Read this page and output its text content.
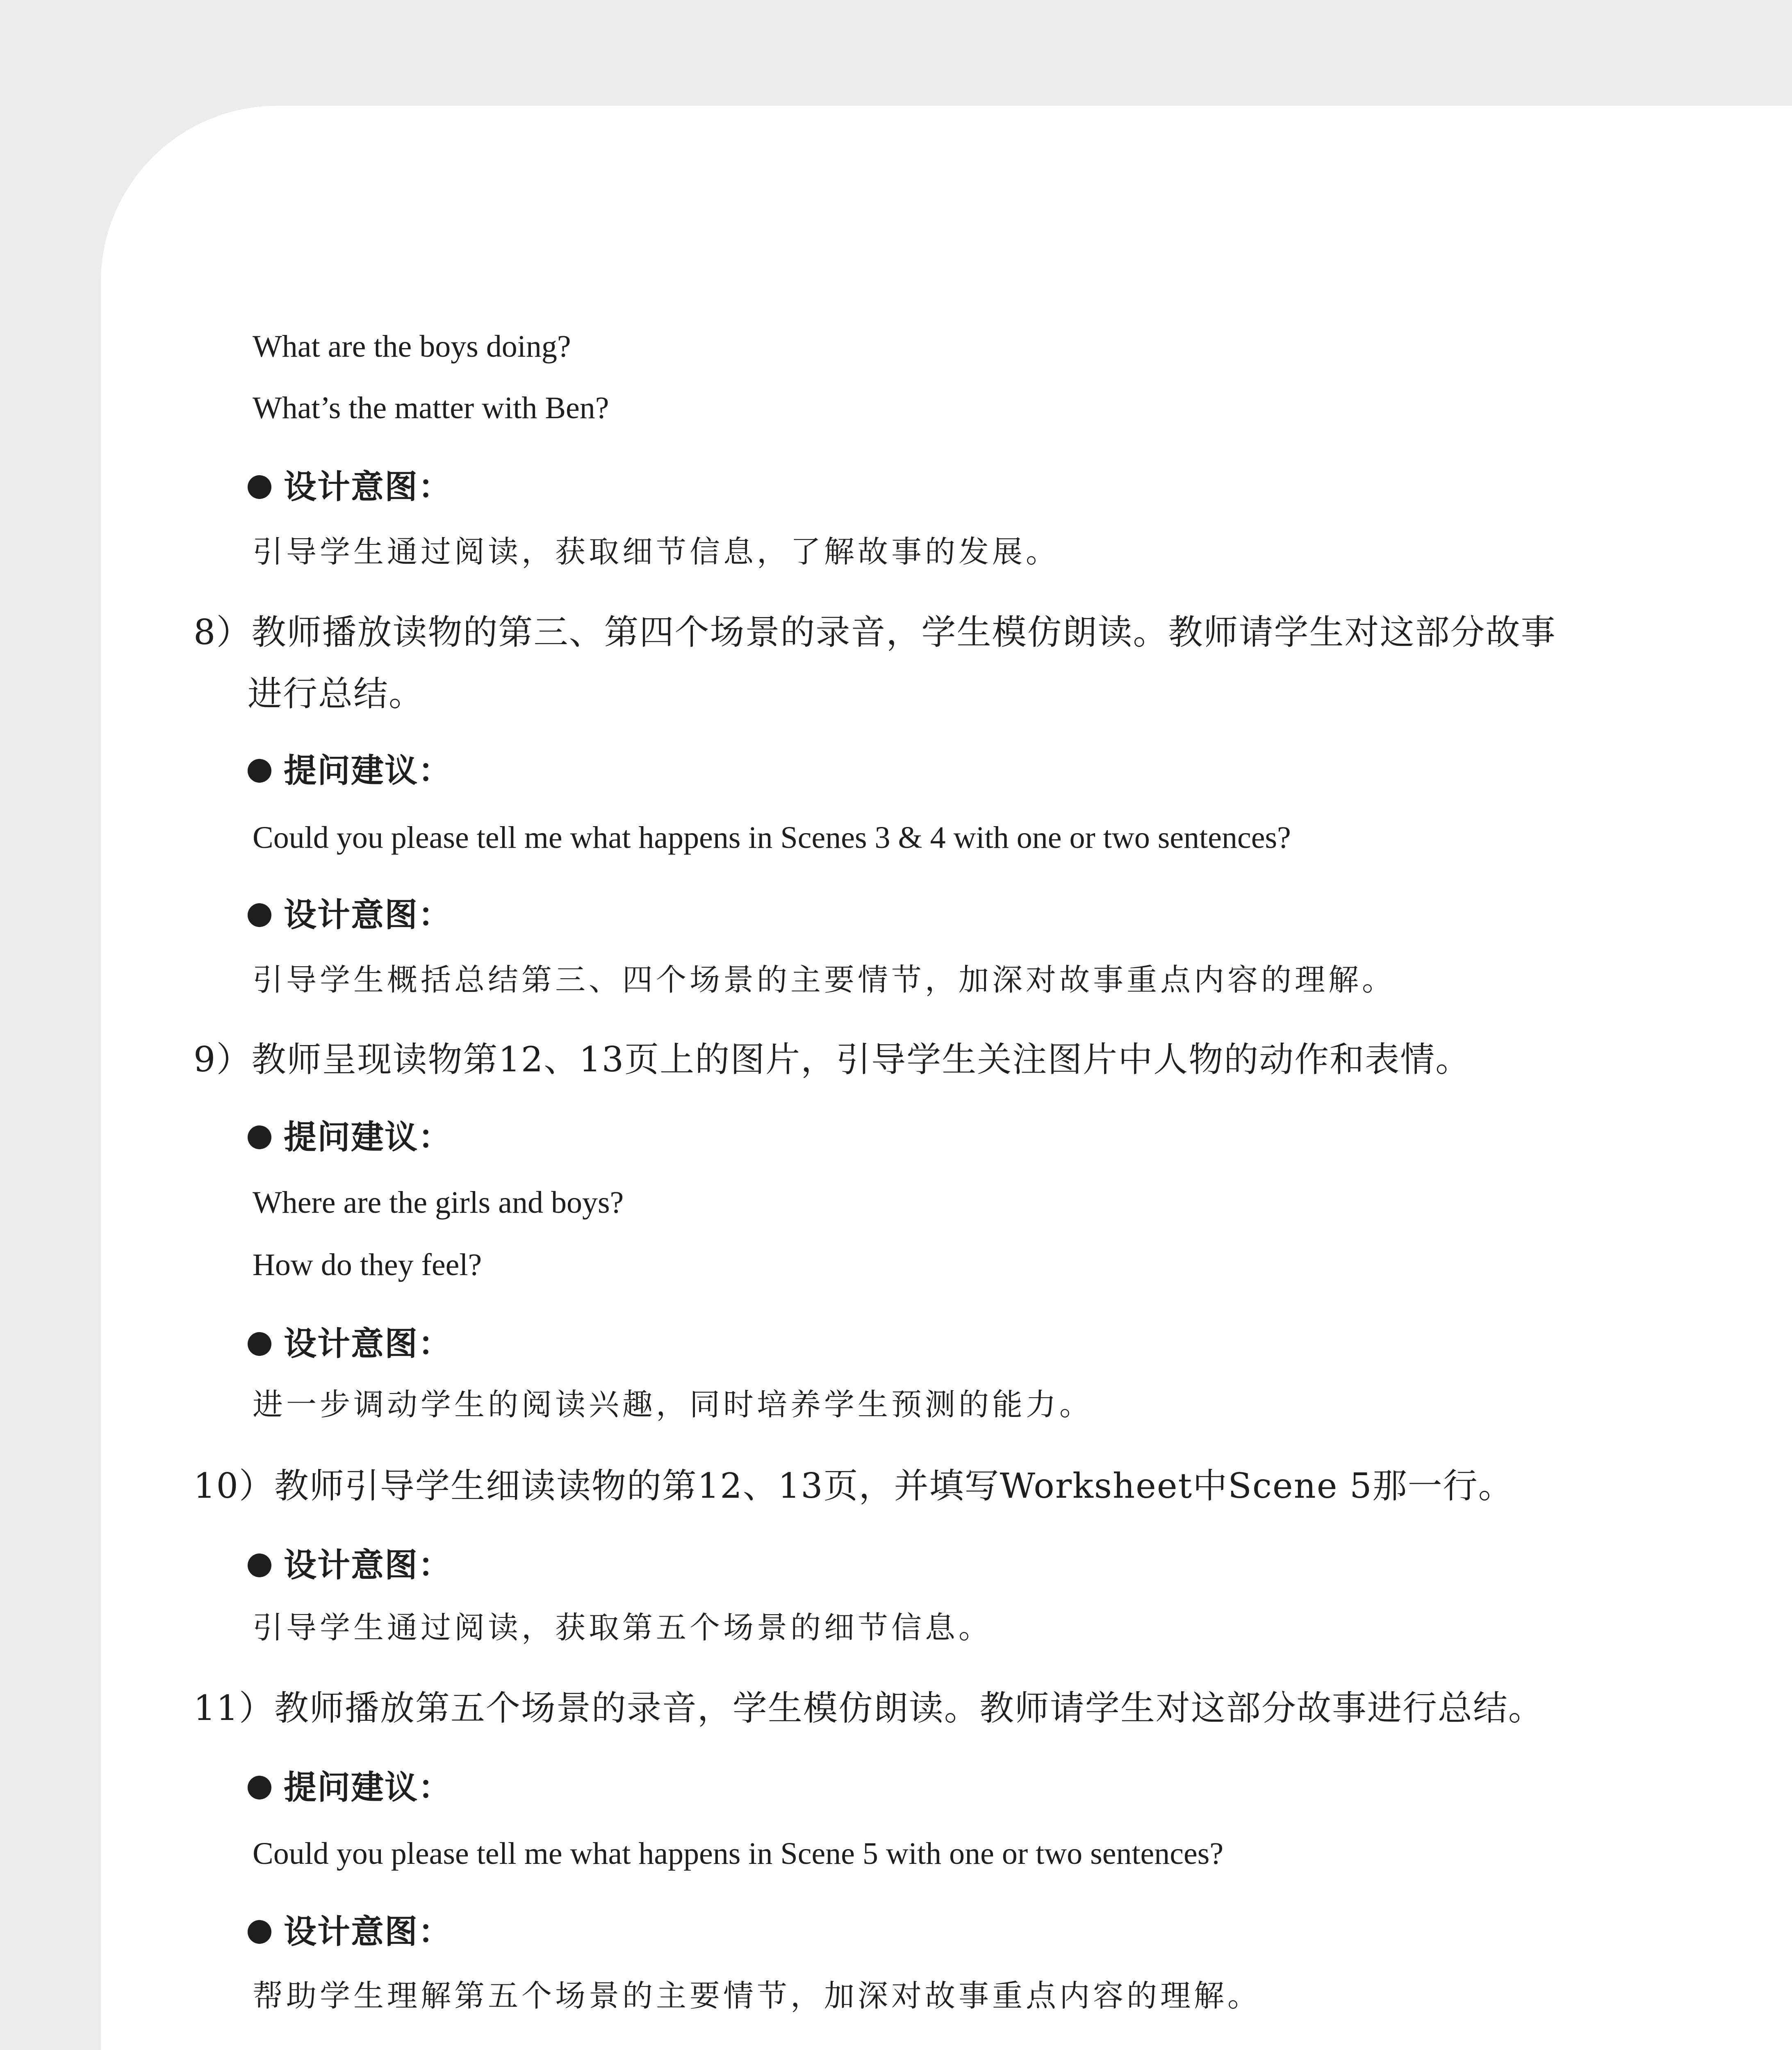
What are the boys doing?

What’s the matter with Ben?

设计意图：

引导学生通过阅读，获取细节信息，了解故事的发展。

8）教师播放读物的第三、第四个场景的录音，学生模仿朗读。教师请学生对这部分故事

进行总结。

提问建议：

Could you please tell me what happens in Scenes 3 & 4 with one or two sentences?

设计意图：

引导学生概括总结第三、四个场景的主要情节，加深对故事重点内容的理解。

9）教师呈现读物第12、13页上的图片，引导学生关注图片中人物的动作和表情。

提问建议：

Where are the girls and boys?

How do they feel?

设计意图：

进一步调动学生的阅读兴趣，同时培养学生预测的能力。

10）教师引导学生细读读物的第12、13页，并填写Worksheet中Scene 5那一行。

设计意图：

引导学生通过阅读，获取第五个场景的细节信息。

11）教师播放第五个场景的录音，学生模仿朗读。教师请学生对这部分故事进行总结。

提问建议：

Could you please tell me what happens in Scene 5 with one or two sentences?

设计意图：

帮助学生理解第五个场景的主要情节，加深对故事重点内容的理解。
